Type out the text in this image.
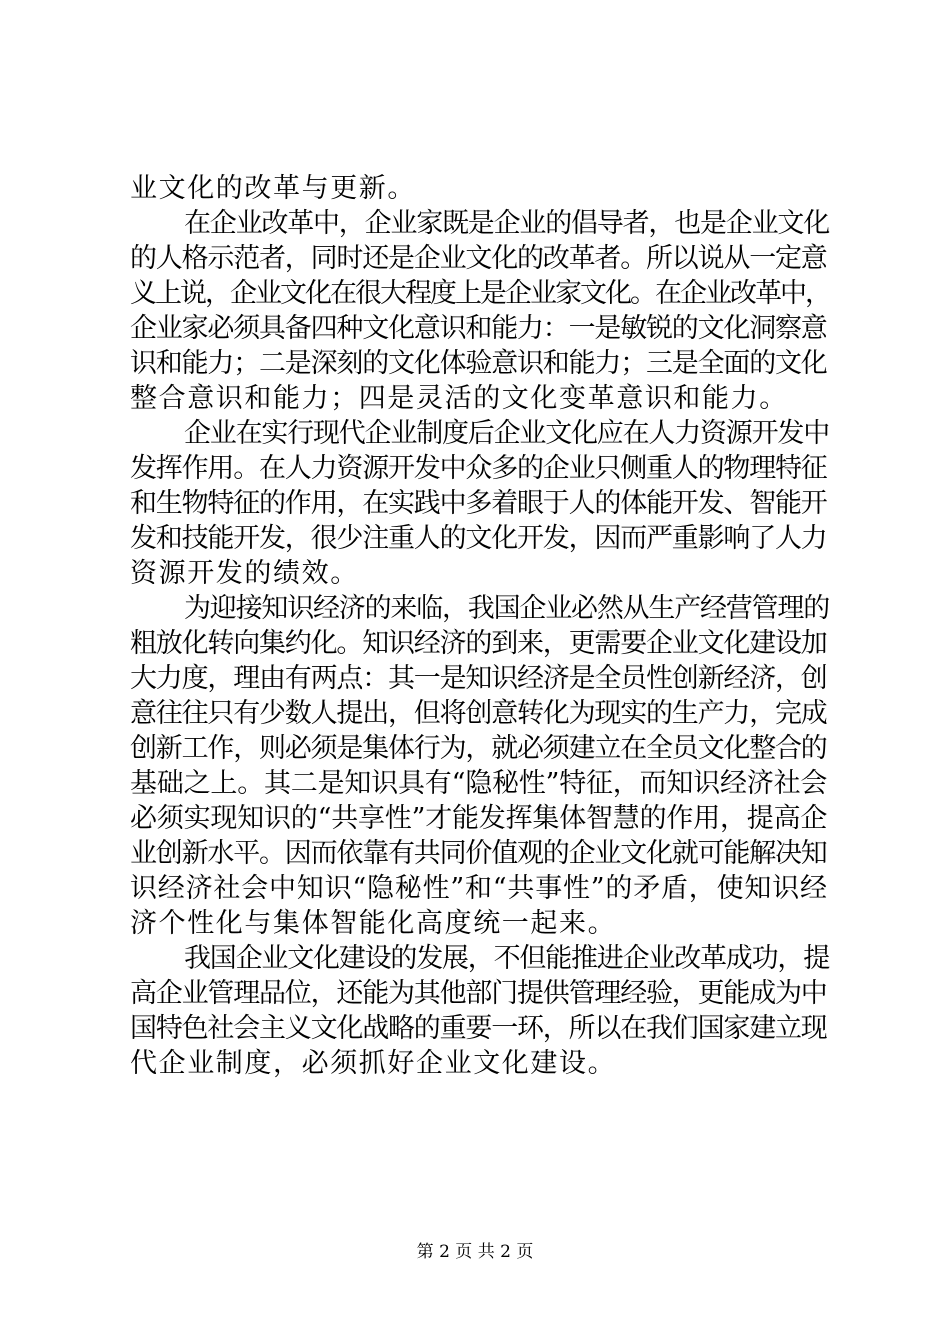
业文化的改革与更新。
在企业改革中，企业家既是企业的倡导者，也是企业文化
的人格示范者，同时还是企业文化的改革者。所以说从一定意
义上说，企业文化在很大程度上是企业家文化。在企业改革中，
企业家必须具备四种文化意识和能力：一是敏锐的文化洞察意
识和能力；二是深刻的文化体验意识和能力；三是全面的文化
整合意识和能力；四是灵活的文化变革意识和能力。
企业在实行现代企业制度后企业文化应在人力资源开发中
发挥作用。在人力资源开发中众多的企业只侧重人的物理特征
和生物特征的作用，在实践中多着眼于人的体能开发、智能开
发和技能开发，很少注重人的文化开发，因而严重影响了人力
资源开发的绩效。
为迎接知识经济的来临，我国企业必然从生产经营管理的
粗放化转向集约化。知识经济的到来，更需要企业文化建设加
大力度，理由有两点：其一是知识经济是全员性创新经济，创
意往往只有少数人提出，但将创意转化为现实的生产力，完成
创新工作，则必须是集体行为，就必须建立在全员文化整合的
基础之上。其二是知识具有“隐秘性”特征，而知识经济社会
必须实现知识的“共享性”才能发挥集体智慧的作用，提高企
业创新水平。因而依靠有共同价值观的企业文化就可能解决知
识经济社会中知识“隐秘性”和“共事性”的矛盾，使知识经
济个性化与集体智能化高度统一起来。
我国企业文化建设的发展，不但能推进企业改革成功，提
高企业管理品位，还能为其他部门提供管理经验，更能成为中
国特色社会主义文化战略的重要一环，所以在我们国家建立现
代企业制度，必须抓好企业文化建设。
第 2 页 共 2 页
